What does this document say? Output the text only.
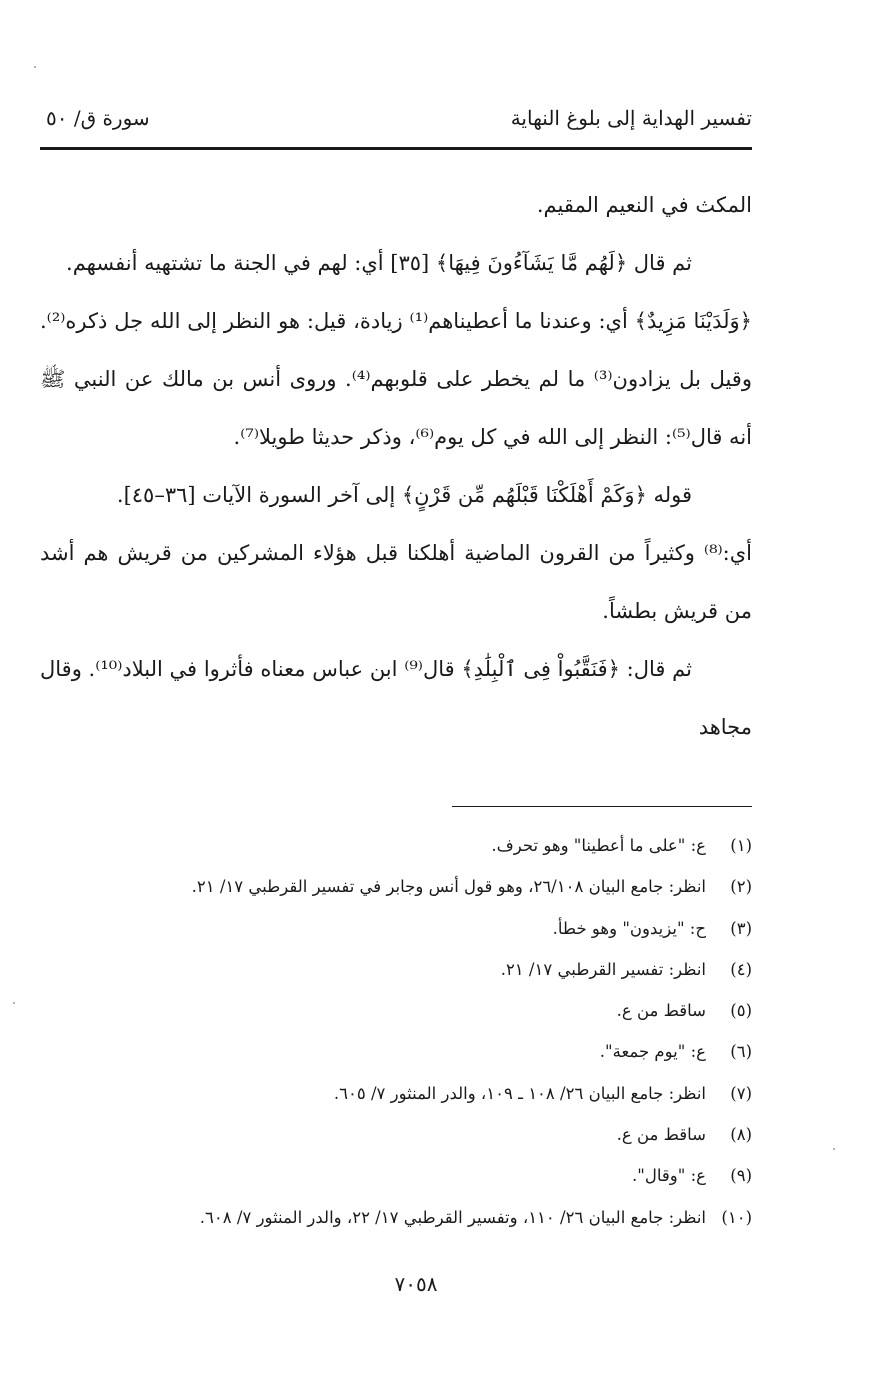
تفسير الهداية إلى بلوغ النهاية
سورة ق/ ٥٠

المكث في النعيم المقيم.

ثم قال ﴿لَهُم مَّا يَشَآءُونَ فِيهَا﴾ [٣٥] أي: لهم في الجنة ما تشتهيه أنفسهم.

﴿وَلَدَيْنَا مَزِيدٌ﴾ أي: وعندنا ما أعطيناهم⁽¹⁾ زيادة، قيل: هو النظر إلى الله جل ذكره⁽²⁾. وقيل بل يزادون⁽³⁾ ما لم يخطر على قلوبهم⁽⁴⁾. وروى أنس بن مالك عن النبي ﷺ أنه قال⁽⁵⁾: النظر إلى الله في كل يوم⁽⁶⁾، وذكر حديثا طويلا⁽⁷⁾.

قوله ﴿وَكَمْ أَهْلَكْنَا قَبْلَهُم مِّن قَرْنٍ﴾ إلى آخر السورة الآيات [٣٦–٤٥].

أي:⁽⁸⁾ وكثيراً من القرون الماضية أهلكنا قبل هؤلاء المشركين من قريش هم أشد من قريش بطشاً.

ثم قال: ﴿فَنَقَّبُواْ فِى ٱلْبِلَٰدِ﴾ قال⁽⁹⁾ ابن عباس معناه فأثروا في البلاد⁽¹⁰⁾. وقال مجاهد

(١)
ع: "على ما أعطينا" وهو تحرف.
(٢)
انظر: جامع البيان ٢٦/١٠٨، وهو قول أنس وجابر في تفسير القرطبي ١٧/ ٢١.
(٣)
ح: "يزيدون" وهو خطأ.
(٤)
انظر: تفسير القرطبي ١٧/ ٢١.
(٥)
ساقط من ع.
(٦)
ع: "يوم جمعة".
(٧)
انظر: جامع البيان ٢٦/ ١٠٨ ـ ١٠٩، والدر المنثور ٧/ ٦٠٥.
(٨)
ساقط من ع.
(٩)
ع: "وقال".
(١٠)
انظر: جامع البيان ٢٦/ ١١٠، وتفسير القرطبي ١٧/ ٢٢، والدر المنثور ٧/ ٦٠٨.
٧٠٥٨
